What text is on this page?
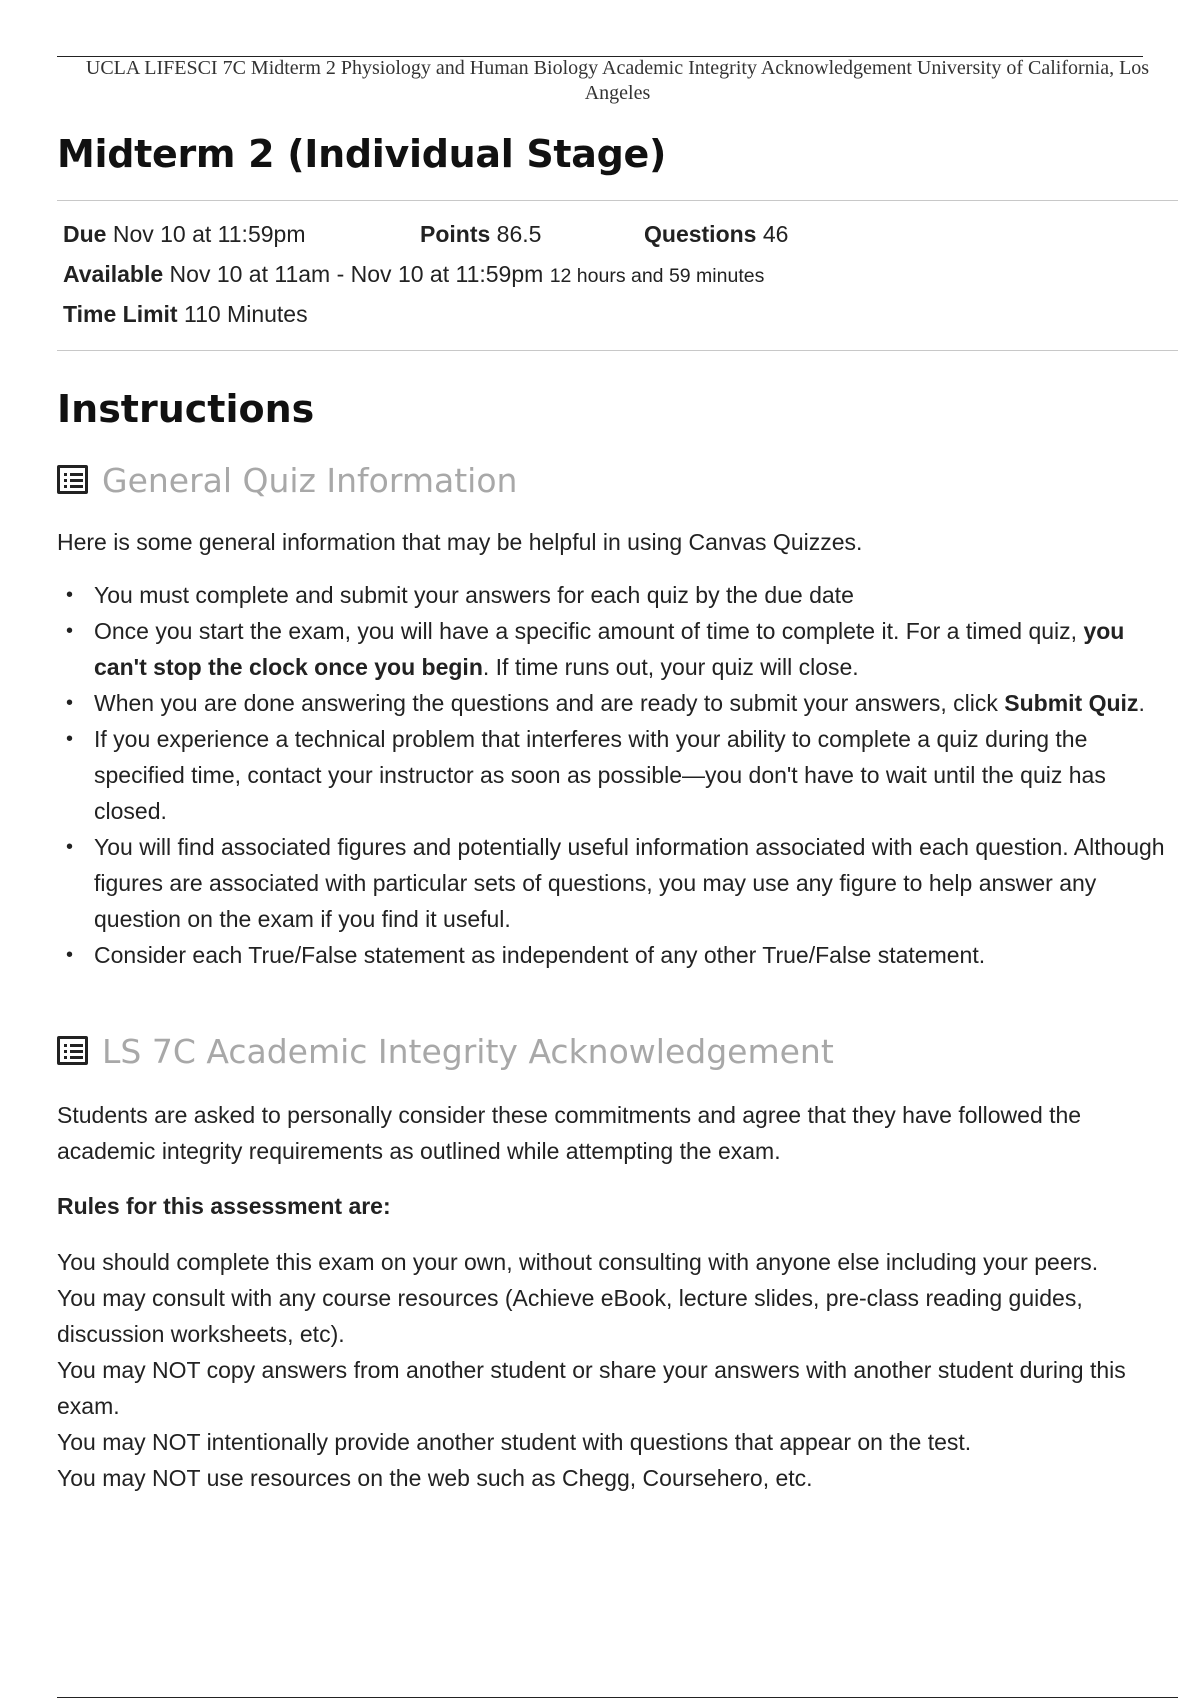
UCLA LIFESCI 7C Midterm 2 Physiology and Human Biology Academic Integrity Acknowledgement University of California, Los Angeles
Midterm 2 (Individual Stage)
Due Nov 10 at 11:59pm	Points 86.5	Questions 46
Available Nov 10 at 11am - Nov 10 at 11:59pm 12 hours and 59 minutes
Time Limit 110 Minutes
Instructions
General Quiz Information

Here is some general information that may be helpful in using Canvas Quizzes.

• You must complete and submit your answers for each quiz by the due date
• Once you start the exam, you will have a specific amount of time to complete it. For a timed quiz, you can't stop the clock once you begin. If time runs out, your quiz will close.
• When you are done answering the questions and are ready to submit your answers, click Submit Quiz.
• If you experience a technical problem that interferes with your ability to complete a quiz during the specified time, contact your instructor as soon as possible—you don't have to wait until the quiz has closed.
• You will find associated figures and potentially useful information associated with each question. Although figures are associated with particular sets of questions, you may use any figure to help answer any question on the exam if you find it useful.
• Consider each True/False statement as independent of any other True/False statement.
LS 7C Academic Integrity Acknowledgement

Students are asked to personally consider these commitments and agree that they have followed the academic integrity requirements as outlined while attempting the exam.

Rules for this assessment are:
You should complete this exam on your own, without consulting with anyone else including your peers.
You may consult with any course resources (Achieve eBook, lecture slides, pre-class reading guides, discussion worksheets, etc).
You may NOT copy answers from another student or share your answers with another student during this exam.
You may NOT intentionally provide another student with questions that appear on the test.
You may NOT use resources on the web such as Chegg, Coursehero, etc.
